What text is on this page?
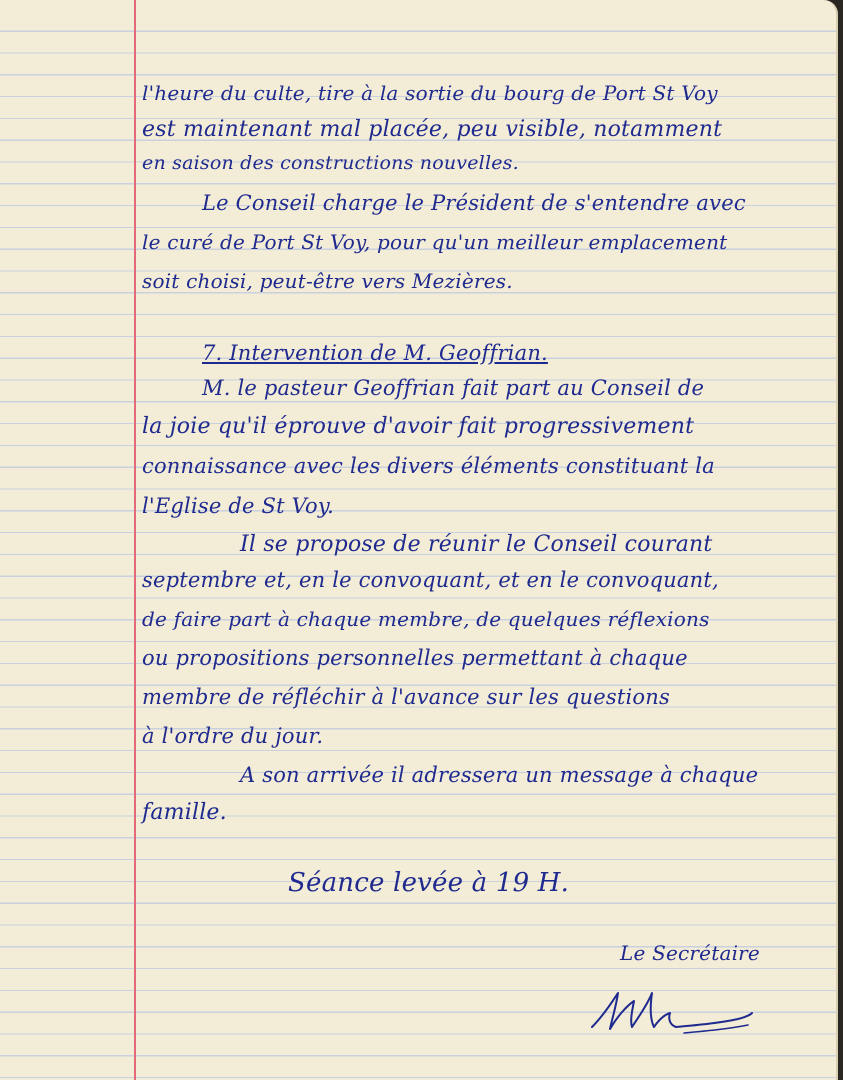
l'heure du culte, tire à la sortie du bourg de Port St Voy
est maintenant mal placée, peu visible, notamment
en saison des constructions nouvelles.
Le Conseil charge le Président de s'entendre avec
le curé de Port St Voy, pour qu'un meilleur emplacement
soit choisi, peut-être vers Mezières.
7. Intervention de M. Geoffrian.
M. le pasteur Geoffrian fait part au Conseil de
la joie qu'il éprouve d'avoir fait progressivement
connaissance avec les divers éléments constituant la
l'Eglise de St Voy.
Il se propose de réunir le Conseil courant
septembre et, en le convoquant, et en le convoquant,
de faire part à chaque membre, de quelques réflexions
ou propositions personnelles permettant à chaque
membre de réfléchir à l'avance sur les questions
à l'ordre du jour.
A son arrivée il adressera un message à chaque
famille.
Séance levée à 19 H.
Le Secrétaire
